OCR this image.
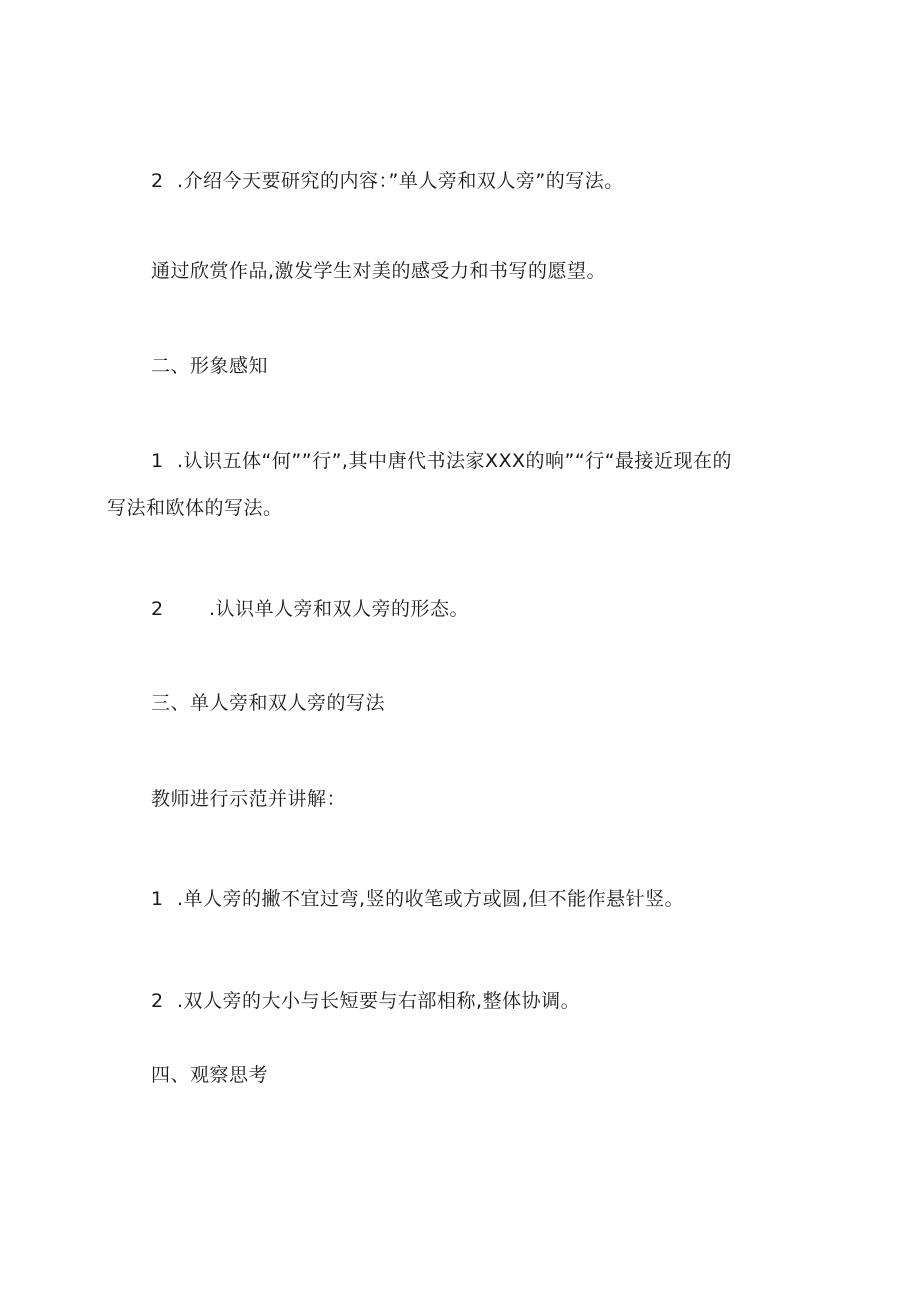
2 .介绍今天要研究的内容：”单人旁和双人旁”的写法。
通过欣赏作品,激发学生对美的感受力和书写的愿望。
二、形象感知
1 .认识五体“何””行”,其中唐代书法家XXX的响”“行“最接近现在的
写法和欧体的写法。
2 .认识单人旁和双人旁的形态。
三、单人旁和双人旁的写法
教师进行示范并讲解：
1 .单人旁的撇不宜过弯,竖的收笔或方或圆,但不能作悬针竖。
2 .双人旁的大小与长短要与右部相称,整体协调。
四、观察思考
